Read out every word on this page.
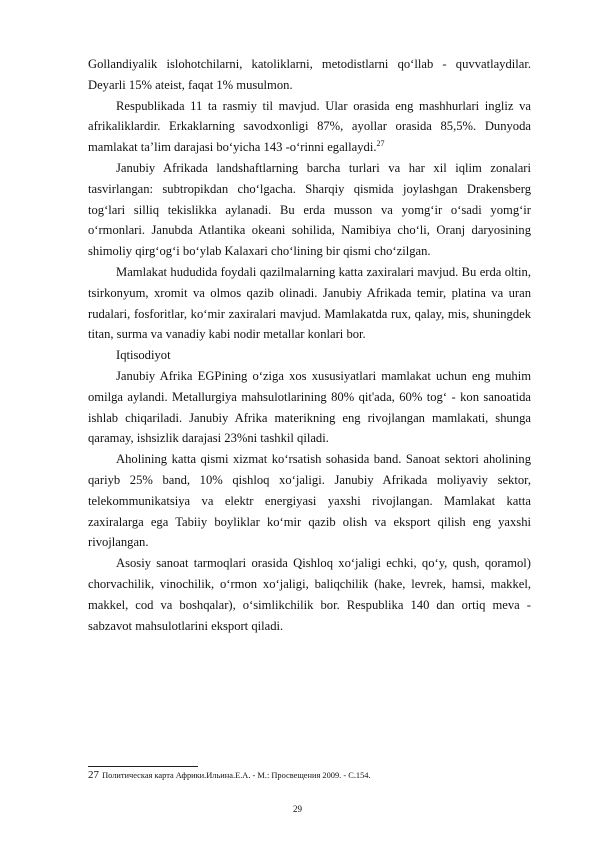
Gollandiyalik islohotchilarni, katoliklarni, metodistlarni qo‘llab - quvvatlaydilar. Deyarli 15% ateist, faqat 1% musulmon.

Respublikada 11 ta rasmiy til mavjud. Ular orasida eng mashhurlari ingliz va afrikaliklardir. Erkaklarning savodxonligi 87%, ayollar orasida 85,5%. Dunyoda mamlakat ta’lim darajasi bo‘yicha 143 -o‘rinni egallaydi.$^{27}$

Janubiy Afrikada landshaftlarning barcha turlari va har xil iqlim zonalari tasvirlangan: subtropikdan cho‘lgacha. Sharqiy qismida joylashgan Drakensberg tog‘lari silliq tekislikka aylanadi. Bu erda musson va yomg‘ir o‘sadi yomg‘ir o‘rmonlari. Janubda Atlantika okeani sohilida, Namibiya cho‘li, Oranj daryosining shimoliy qirg‘og‘i bo‘ylab Kalaxari cho‘lining bir qismi cho‘zilgan.

Mamlakat hududida foydali qazilmalarning katta zaxiralari mavjud. Bu erda oltin, tsirkonyum, xromit va olmos qazib olinadi. Janubiy Afrikada temir, platina va uran rudalari, fosforitlar, ko‘mir zaxiralari mavjud. Mamlakatda rux, qalay, mis, shuningdek titan, surma va vanadiy kabi nodir metallar konlari bor.

Iqtisodiyot

Janubiy Afrika EGPining o‘ziga xos xususiyatlari mamlakat uchun eng muhim omilga aylandi. Metallurgiya mahsulotlarining 80% qit'ada, 60% tog‘ - kon sanoatida ishlab chiqariladi. Janubiy Afrika materikning eng rivojlangan mamlakati, shunga qaramay, ishsizlik darajasi 23%ni tashkil qiladi.

Aholining katta qismi xizmat ko‘rsatish sohasida band. Sanoat sektori aholining qariyb 25% band, 10% qishloq xo‘jaligi. Janubiy Afrikada moliyaviy sektor, telekommunikatsiya va elektr energiyasi yaxshi rivojlangan. Mamlakat katta zaxiralarga ega Tabiiy boyliklar ko‘mir qazib olish va eksport qilish eng yaxshi rivojlangan.

Asosiy sanoat tarmoqlari orasida Qishloq xo‘jaligi echki, qo‘y, qush, qoramol) chorvachilik, vinochilik, o‘rmon xo‘jaligi, baliqchilik (hake, levrek, hamsi, makkel, makkel, cod va boshqalar), o‘simlikchilik bor. Respublika 140 dan ortiq meva -sabzavot mahsulotlarini eksport qiladi.

27 Политическая карта Африки.Ильина.Е.А. - М.: Просвещения 2009. - С.154.
29
